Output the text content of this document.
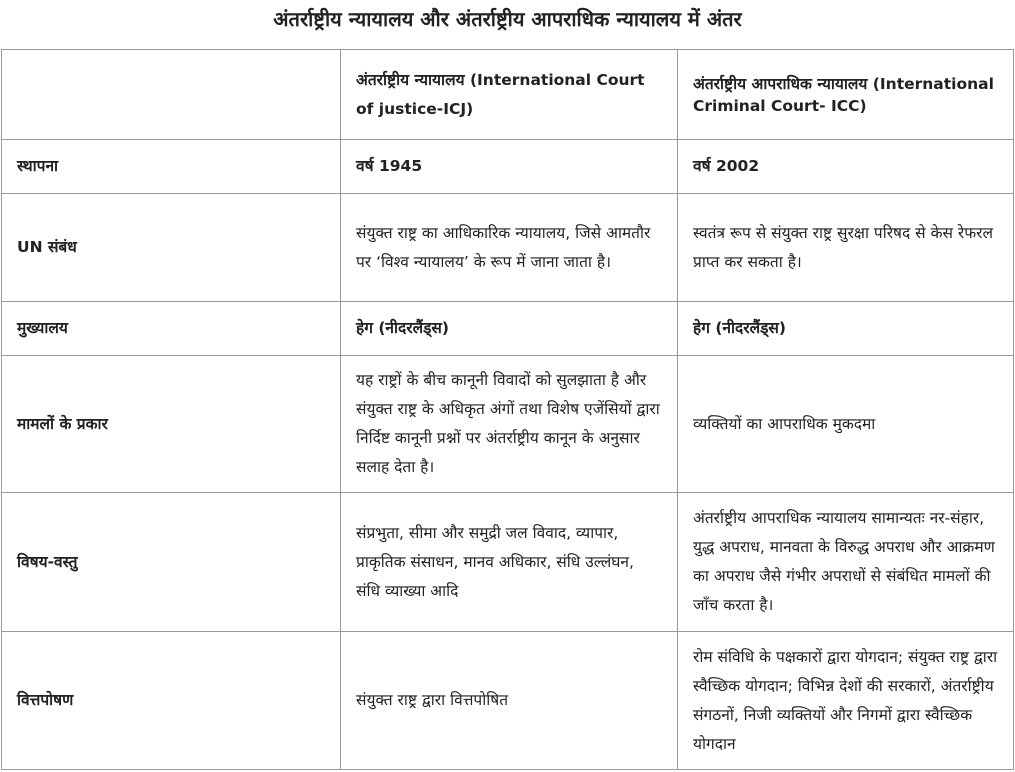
अंतर्राष्ट्रीय न्यायालय और अंतर्राष्ट्रीय आपराधिक न्यायालय में अंतर
	अंतर्राष्ट्रीय न्यायालय (International Court of justice-ICJ)	अंतर्राष्ट्रीय आपराधिक न्यायालय (International Criminal Court- ICC)
स्थापना	वर्ष 1945	वर्ष 2002
UN संबंध	संयुक्त राष्ट्र का आधिकारिक न्यायालय, जिसे आमतौर पर ‘विश्व न्यायालय’ के रूप में जाना जाता है।	स्वतंत्र रूप से संयुक्त राष्ट्र सुरक्षा परिषद से केस रेफरल प्राप्त कर सकता है।
मुख्यालय	हेग (नीदरलैंड्स)	हेग (नीदरलैंड्स)
मामलों के प्रकार	यह राष्ट्रों के बीच कानूनी विवादों को सुलझाता है और संयुक्त राष्ट्र के अधिकृत अंगों तथा विशेष एजेंसियों द्वारा निर्दिष्ट कानूनी प्रश्नों पर अंतर्राष्ट्रीय कानून के अनुसार सलाह देता है।	व्यक्तियों का आपराधिक मुकदमा
विषय-वस्तु	संप्रभुता, सीमा और समुद्री जल विवाद, व्यापार, प्राकृतिक संसाधन, मानव अधिकार, संधि उल्लंघन, संधि व्याख्या आदि	अंतर्राष्ट्रीय आपराधिक न्यायालय सामान्यतः नर-संहार, युद्ध अपराध, मानवता के विरुद्ध अपराध और आक्रमण का अपराध जैसे गंभीर अपराधों से संबंधित मामलों की जाँच करता है।
वित्तपोषण	संयुक्त राष्ट्र द्वारा वित्तपोषित	रोम संविधि के पक्षकारों द्वारा योगदान; संयुक्त राष्ट्र द्वारा स्वैच्छिक योगदान; विभिन्न देशों की सरकारों, अंतर्राष्ट्रीय संगठनों, निजी व्यक्तियों और निगमों द्वारा स्वैच्छिक योगदान
